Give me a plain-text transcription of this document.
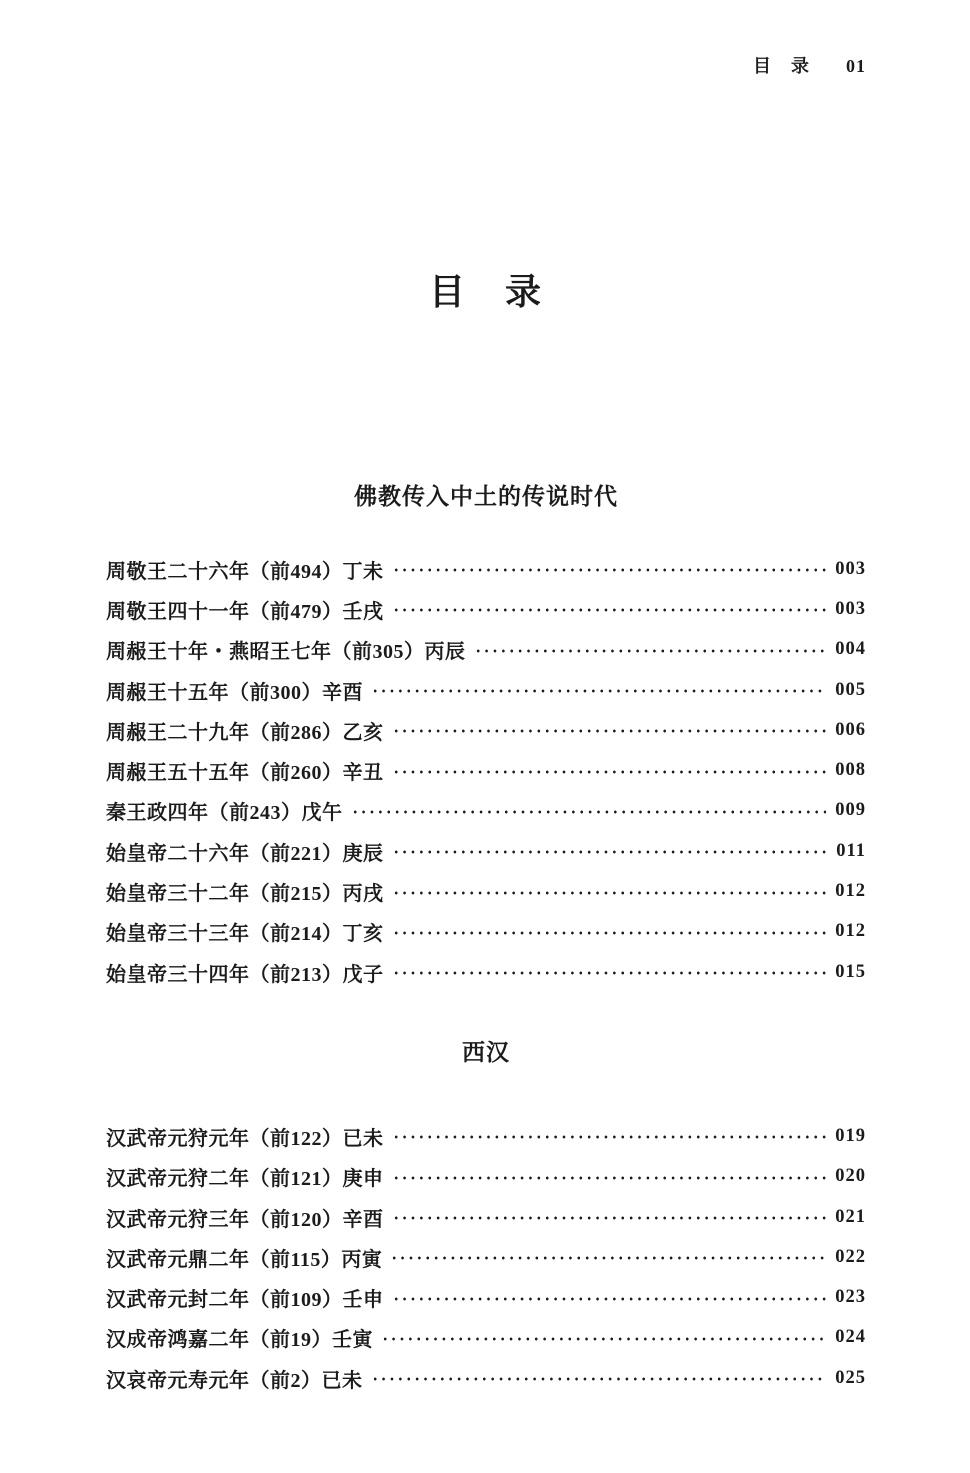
目　录 01
目　录
佛教传入中土的传说时代
周敬王二十六年（前494）丁未	003
周敬王四十一年（前479）壬戌	003
周赧王十年・燕昭王七年（前305）丙辰	004
周赧王十五年（前300）辛酉	005
周赧王二十九年（前286）乙亥	006
周赧王五十五年（前260）辛丑	008
秦王政四年（前243）戊午	009
始皇帝二十六年（前221）庚辰	011
始皇帝三十二年（前215）丙戌	012
始皇帝三十三年（前214）丁亥	012
始皇帝三十四年（前213）戊子	015
西汉
汉武帝元狩元年（前122）已未	019
汉武帝元狩二年（前121）庚申	020
汉武帝元狩三年（前120）辛酉	021
汉武帝元鼎二年（前115）丙寅	022
汉武帝元封二年（前109）壬申	023
汉成帝鸿嘉二年（前19）壬寅	024
汉哀帝元寿元年（前2）已未	025
